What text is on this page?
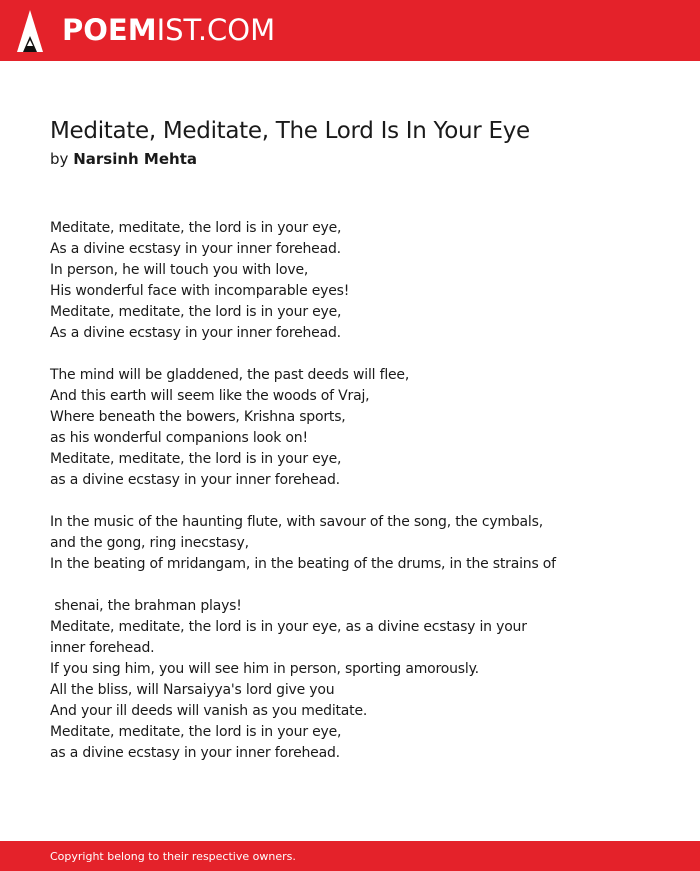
POEMIST.COM
Meditate, Meditate, The Lord Is In Your Eye
by Narsinh Mehta
Meditate, meditate, the lord is in your eye,
As a divine ecstasy in your inner forehead.
In person, he will touch you with love,
His wonderful face with incomparable eyes!
Meditate, meditate, the lord is in your eye,
As a divine ecstasy in your inner forehead.
The mind will be gladdened, the past deeds will flee,
And this earth will seem like the woods of Vraj,
Where beneath the bowers, Krishna sports,
as his wonderful companions look on!
Meditate, meditate, the lord is in your eye,
as a divine ecstasy in your inner forehead.
In the music of the haunting flute, with savour of the song, the cymbals,
and the gong, ring inecstasy,
In the beating of mridangam, in the beating of the drums, in the strains of
shenai, the brahman plays!
Meditate, meditate, the lord is in your eye, as a divine ecstasy in your
inner forehead.
If you sing him, you will see him in person, sporting amorously.
All the bliss, will Narsaiyya's lord give you
And your ill deeds will vanish as you meditate.
Meditate, meditate, the lord is in your eye,
as a divine ecstasy in your inner forehead.
Copyright belong to their respective owners.
